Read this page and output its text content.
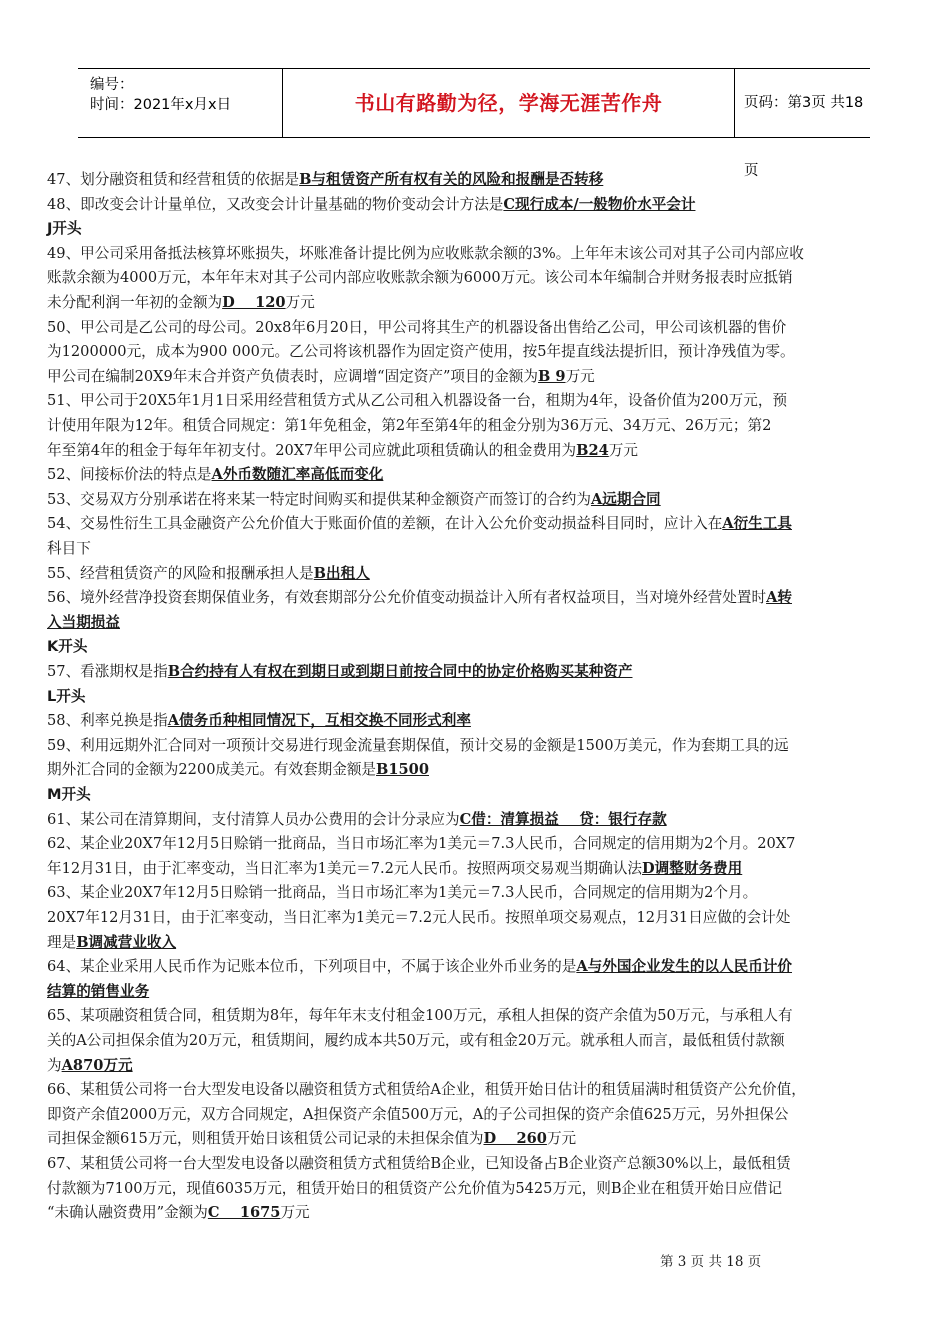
编号：
时间：2021年x月x日	书山有路勤为径，学海无涯苦作舟	页码：第3页 共18页
47、划分融资租赁和经营租赁的依据是B与租赁资产所有权有关的风险和报酬是否转移
48、即改变会计计量单位，又改变会计计量基础的物价变动会计方法是C现行成本/一般物价水平会计
J开头
49、甲公司采用备抵法核算坏账损失，坏账准备计提比例为应收账款余额的3%。上年年末该公司对其子公司内部应收
账款余额为4000万元，本年年末对其子公司内部应收账款余额为6000万元。该公司本年编制合并财务报表时应抵销
未分配利润一年初的金额为D    120万元
50、甲公司是乙公司的母公司。20x8年6月20日，甲公司将其生产的机器设备出售给乙公司，甲公司该机器的售价
为1200000元，成本为900 000元。乙公司将该机器作为固定资产使用，按5年提直线法提折旧，预计净残值为零。
甲公司在编制20X9年末合并资产负债表时，应调增“固定资产”项目的金额为B 9万元
51、甲公司于20X5年1月1日采用经营租赁方式从乙公司租入机器设备一台，租期为4年，设备价值为200万元，预
计使用年限为12年。租赁合同规定：第1年免租金，第2年至第4年的租金分别为36万元、34万元、26万元；第2
年至第4年的租金于每年年初支付。20X7年甲公司应就此项租赁确认的租金费用为B24万元
52、间接标价法的特点是A外币数随汇率高低而变化
53、交易双方分别承诺在将来某一特定时间购买和提供某种金额资产而签订的合约为A远期合同
54、交易性衍生工具金融资产公允价值大于账面价值的差额，在计入公允价变动损益科目同时，应计入在A衍生工具
科目下
55、经营租赁资产的风险和报酬承担人是B出租人
56、境外经营净投资套期保值业务，有效套期部分公允价值变动损益计入所有者权益项目，当对境外经营处置时A转
入当期损益
K开头
57、看涨期权是指B合约持有人有权在到期日或到期日前按合同中的协定价格购买某种资产
L开头
58、利率兑换是指A债务币种相同情况下，互相交换不同形式利率
59、利用远期外汇合同对一项预计交易进行现金流量套期保值，预计交易的金额是1500万美元，作为套期工具的远
期外汇合同的金额为2200成美元。有效套期金额是B1500
M开头
61、某公司在清算期间，支付清算人员办公费用的会计分录应为C借：清算损益    贷：银行存款
62、某企业20X7年12月5日赊销一批商品，当日市场汇率为1美元＝7.3人民币，合同规定的信用期为2个月。20X7
年12月31日，由于汇率变动，当日汇率为1美元＝7.2元人民币。按照两项交易观当期确认法D调整财务费用
63、某企业20X7年12月5日赊销一批商品，当日市场汇率为1美元＝7.3人民币，合同规定的信用期为2个月。
20X7年12月31日，由于汇率变动，当日汇率为1美元＝7.2元人民币。按照单项交易观点，12月31日应做的会计处
理是B调减营业收入
64、某企业采用人民币作为记账本位币，下列项目中，不属于该企业外币业务的是A与外国企业发生的以人民币计价
结算的销售业务
65、某项融资租赁合同，租赁期为8年，每年年末支付租金100万元，承租人担保的资产余值为50万元，与承租人有
关的A公司担保余值为20万元，租赁期间，履约成本共50万元，或有租金20万元。就承租人而言，最低租赁付款额
为A870万元
66、某租赁公司将一台大型发电设备以融资租赁方式租赁给A企业，租赁开始日估计的租赁届满时租赁资产公允价值，
即资产余值2000万元，双方合同规定，A担保资产余值500万元，A的子公司担保的资产余值625万元，另外担保公
司担保金额615万元，则租赁开始日该租赁公司记录的未担保余值为D    260万元
67、某租赁公司将一台大型发电设备以融资租赁方式租赁给B企业，已知设备占B企业资产总额30%以上，最低租赁
付款额为7100万元，现值6035万元，租赁开始日的租赁资产公允价值为5425万元，则B企业在租赁开始日应借记
“未确认融资费用”金额为C    1675万元
第 3 页 共 18 页
